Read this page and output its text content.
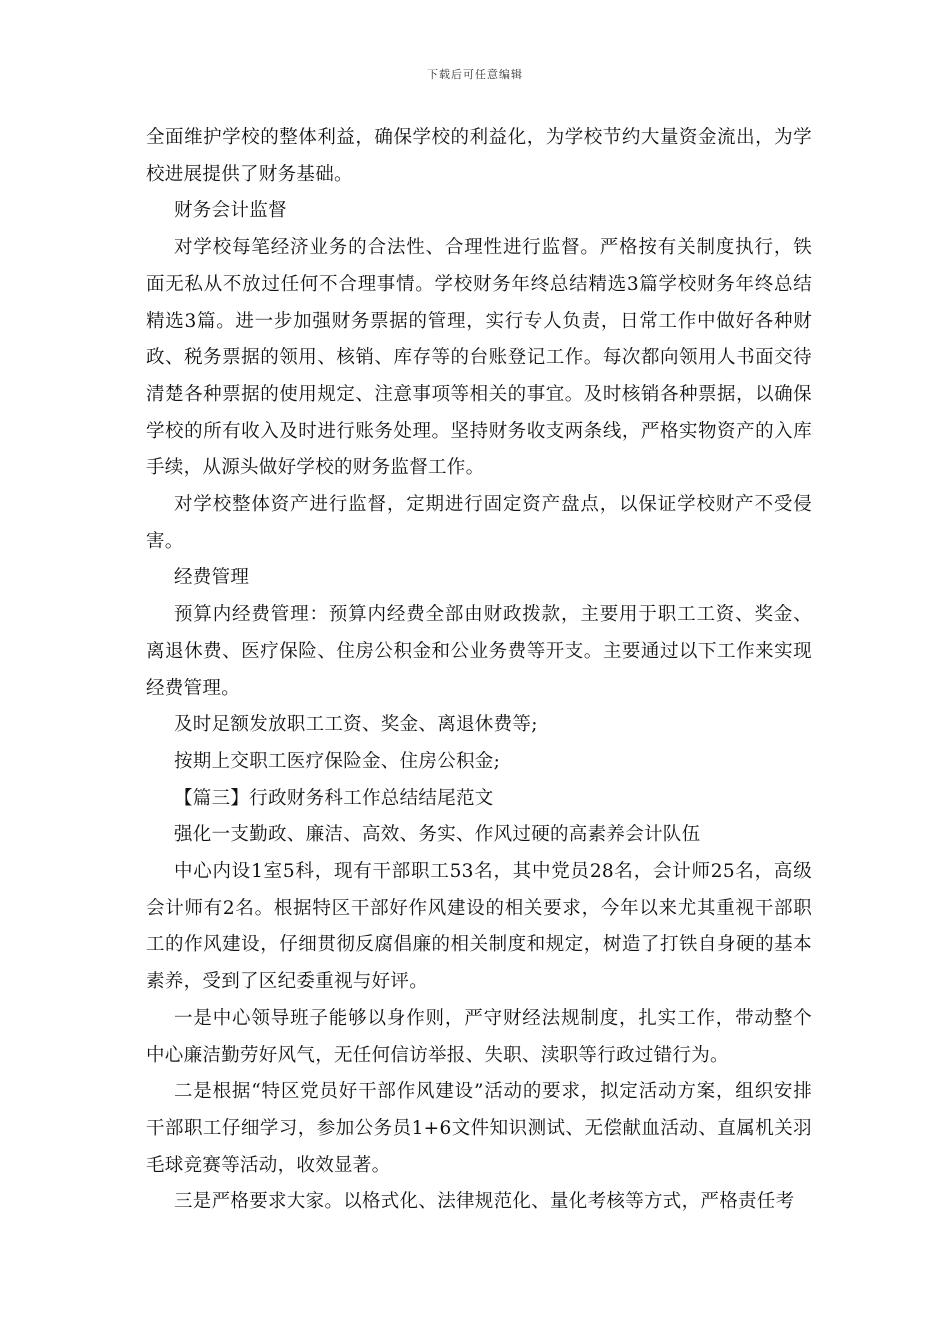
下载后可任意编辑

全面维护学校的整体利益，确保学校的利益化，为学校节约大量资金流出，为学校进展提供了财务基础。

财务会计监督

对学校每笔经济业务的合法性、合理性进行监督。严格按有关制度执行，铁面无私从不放过任何不合理事情。学校财务年终总结精选3篇学校财务年终总结精选3篇。进一步加强财务票据的管理，实行专人负责，日常工作中做好各种财政、税务票据的领用、核销、库存等的台账登记工作。每次都向领用人书面交待清楚各种票据的使用规定、注意事项等相关的事宜。及时核销各种票据，以确保学校的所有收入及时进行账务处理。坚持财务收支两条线，严格实物资产的入库手续，从源头做好学校的财务监督工作。

对学校整体资产进行监督，定期进行固定资产盘点，以保证学校财产不受侵害。

经费管理

预算内经费管理：预算内经费全部由财政拨款，主要用于职工工资、奖金、离退休费、医疗保险、住房公积金和公业务费等开支。主要通过以下工作来实现经费管理。

及时足额发放职工工资、奖金、离退休费等;

按期上交职工医疗保险金、住房公积金;

【篇三】行政财务科工作总结结尾范文

强化一支勤政、廉洁、高效、务实、作风过硬的高素养会计队伍

中心内设1室5科，现有干部职工53名，其中党员28名，会计师25名，高级会计师有2名。根据特区干部好作风建设的相关要求，今年以来尤其重视干部职工的作风建设，仔细贯彻反腐倡廉的相关制度和规定，树造了打铁自身硬的基本素养，受到了区纪委重视与好评。

一是中心领导班子能够以身作则，严守财经法规制度，扎实工作，带动整个中心廉洁勤劳好风气，无任何信访举报、失职、渎职等行政过错行为。

二是根据“特区党员好干部作风建设”活动的要求，拟定活动方案，组织安排干部职工仔细学习，参加公务员1+6文件知识测试、无偿献血活动、直属机关羽毛球竞赛等活动，收效显著。

三是严格要求大家。以格式化、法律规范化、量化考核等方式，严格责任考
